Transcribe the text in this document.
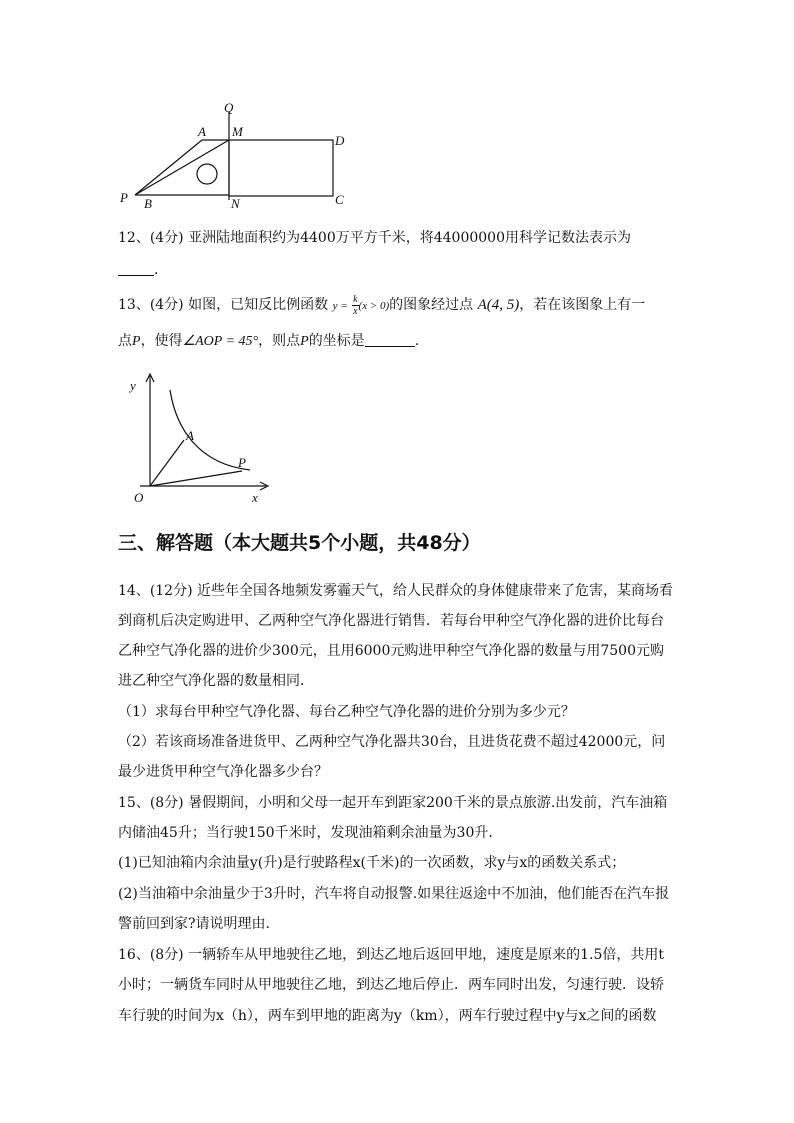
Q
A M
D
P B	N	C
12、(4分) 亚洲陆地面积约为4400万平方千米，将44000000用科学记数法表示为
.
13、(4分) 如图，已知反比例函数 $y = \frac{k}{x} (x > 0)$的图象经过点 A(4, 5)，若在该图象上有一
点P，使得∠AOP = 45°，则点P的坐标是	.
y
A
P
O	x
三、解答题（本大题共5个小题，共48分）
14、(12分) 近些年全国各地频发雾霾天气，给人民群众的身体健康带来了危害，某商场看
到商机后决定购进甲、乙两种空气净化器进行销售．若每台甲种空气净化器的进价比每台
乙种空气净化器的进价少300元，且用6000元购进甲种空气净化器的数量与用7500元购
进乙种空气净化器的数量相同．
（1）求每台甲种空气净化器、每台乙种空气净化器的进价分别为多少元？
（2）若该商场准备进货甲、乙两种空气净化器共30台，且进货花费不超过42000元，问
最少进货甲种空气净化器多少台？
15、(8分) 暑假期间，小明和父母一起开车到距家200千米的景点旅游.出发前，汽车油箱
内储油45升；当行驶150千米时，发现油箱剩余油量为30升.
(1)已知油箱内余油量y(升)是行驶路程x(千米)的一次函数，求y与x的函数关系式；
(2)当油箱中余油量少于3升时，汽车将自动报警.如果往返途中不加油，他们能否在汽车报
警前回到家?请说明理由.
16、(8分) 一辆轿车从甲地驶往乙地，到达乙地后返回甲地，速度是原来的1.5倍，共用t
小时；一辆货车同时从甲地驶往乙地，到达乙地后停止．两车同时出发，匀速行驶．设轿
车行驶的时间为x（h），两车到甲地的距离为y（km），两车行驶过程中y与x之间的函数
